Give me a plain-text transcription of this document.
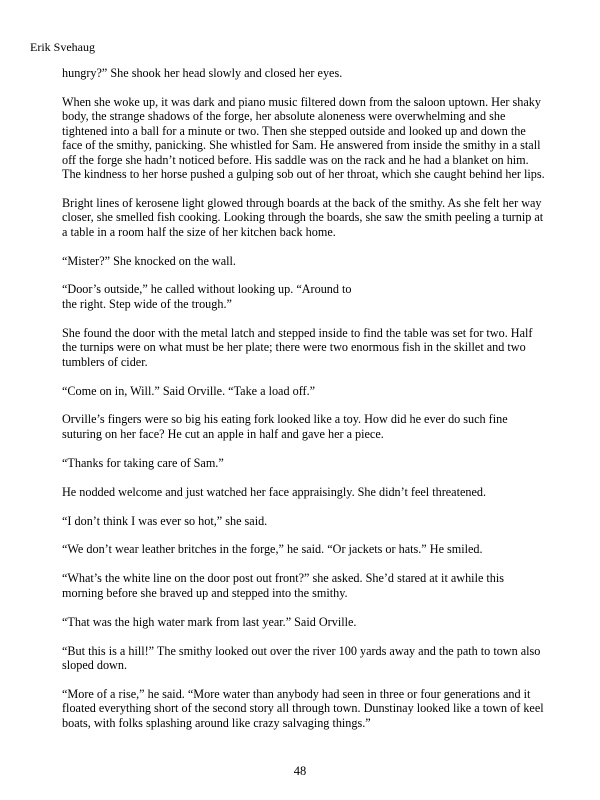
Erik Svehaug

hungry?” She shook her head slowly and closed her eyes.

When she woke up, it was dark and piano music filtered down from the saloon uptown. Her shaky body, the strange shadows of the forge, her absolute aloneness were overwhelming and she tightened into a ball for a minute or two. Then she stepped outside and looked up and down the face of the smithy, panicking. She whistled for Sam. He answered from inside the smithy in a stall off the forge she hadn’t noticed before. His saddle was on the rack and he had a blanket on him. The kindness to her horse pushed a gulping sob out of her throat, which she caught behind her lips.

Bright lines of kerosene light glowed through boards at the back of the smithy. As she felt her way closer, she smelled fish cooking. Looking through the boards, she saw the smith peeling a turnip at a table in a room half the size of her kitchen back home.

“Mister?” She knocked on the wall.

“Door’s outside,” he called without looking up. “Around to

the right. Step wide of the trough.”

She found the door with the metal latch and stepped inside to find the table was set for two. Half the turnips were on what must be her plate; there were two enormous fish in the skillet and two tumblers of cider.

“Come on in, Will.” Said Orville. “Take a load off.”

Orville’s fingers were so big his eating fork looked like a toy. How did he ever do such fine suturing on her face? He cut an apple in half and gave her a piece.

“Thanks for taking care of Sam.”

He nodded welcome and just watched her face appraisingly. She didn’t feel threatened.

“I don’t think I was ever so hot,” she said.

“We don’t wear leather britches in the forge,” he said. “Or jackets or hats.” He smiled.

“What’s the white line on the door post out front?” she asked. She’d stared at it awhile this morning before she braved up and stepped into the smithy.

“That was the high water mark from last year.” Said Orville.

“But this is a hill!” The smithy looked out over the river 100 yards away and the path to town also sloped down.

“More of a rise,” he said. “More water than anybody had seen in three or four generations and it floated everything short of the second story all through town. Dunstinay looked like a town of keel boats, with folks splashing around like crazy salvaging things.”

48
